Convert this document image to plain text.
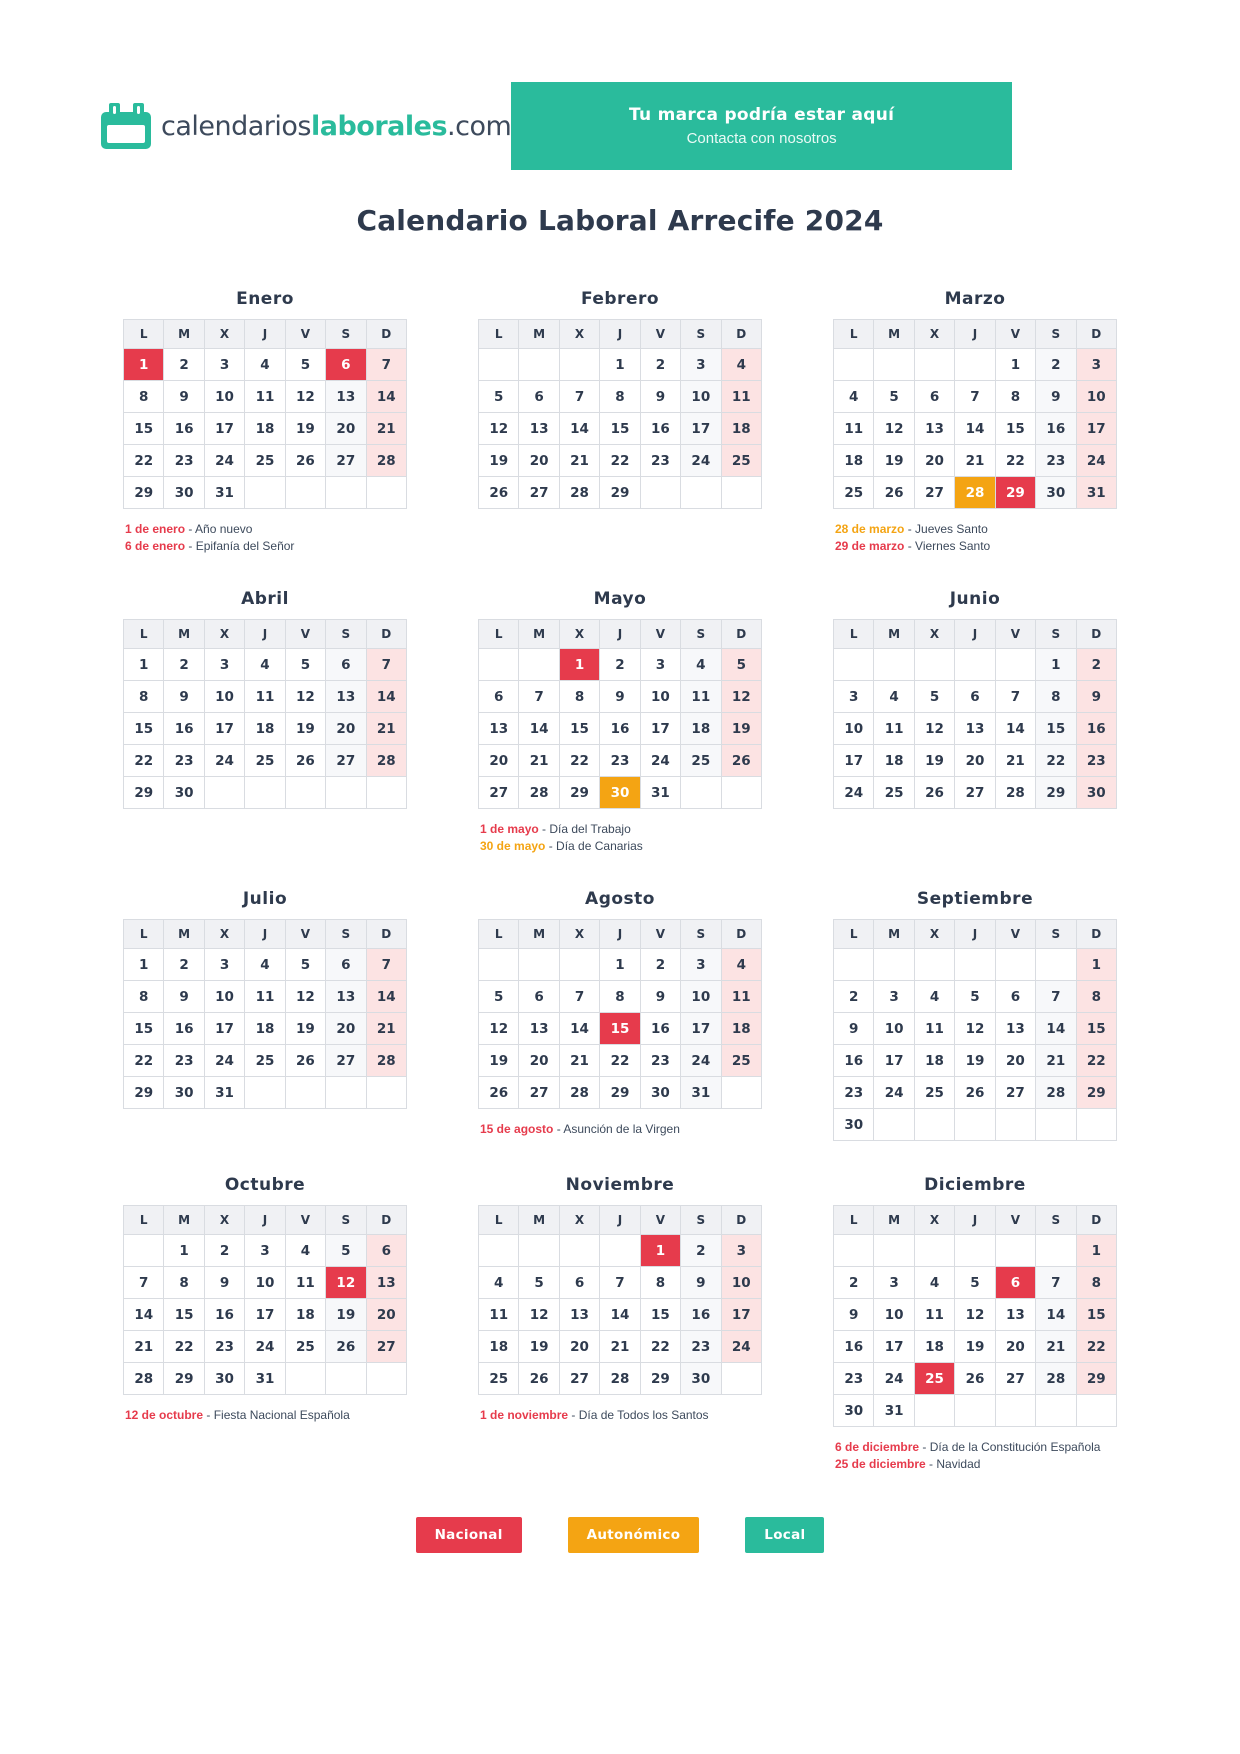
calendarioslaborales.com	Tu marca podría estar aquí
Contacta con nosotros
Calendario Laboral Arrecife 2024
Enero
L	M	X	J	V	S	D
1	2	3	4	5	6	7
8	9	10	11	12	13	14
15	16	17	18	19	20	21
22	23	24	25	26	27	28
29	30	31				
1 de enero - Año nuevo
6 de enero - Epifanía del Señor
Febrero
L	M	X	J	V	S	D
			1	2	3	4
5	6	7	8	9	10	11
12	13	14	15	16	17	18
19	20	21	22	23	24	25
26	27	28	29			
Marzo
L	M	X	J	V	S	D
				1	2	3
4	5	6	7	8	9	10
11	12	13	14	15	16	17
18	19	20	21	22	23	24
25	26	27	28	29	30	31
28 de marzo - Jueves Santo
29 de marzo - Viernes Santo
Abril
L	M	X	J	V	S	D
1	2	3	4	5	6	7
8	9	10	11	12	13	14
15	16	17	18	19	20	21
22	23	24	25	26	27	28
29	30					
Mayo
L	M	X	J	V	S	D
		1	2	3	4	5
6	7	8	9	10	11	12
13	14	15	16	17	18	19
20	21	22	23	24	25	26
27	28	29	30	31		
1 de mayo - Día del Trabajo
30 de mayo - Día de Canarias
Junio
L	M	X	J	V	S	D
					1	2
3	4	5	6	7	8	9
10	11	12	13	14	15	16
17	18	19	20	21	22	23
24	25	26	27	28	29	30
Julio
L	M	X	J	V	S	D
1	2	3	4	5	6	7
8	9	10	11	12	13	14
15	16	17	18	19	20	21
22	23	24	25	26	27	28
29	30	31				
Agosto
L	M	X	J	V	S	D
			1	2	3	4
5	6	7	8	9	10	11
12	13	14	15	16	17	18
19	20	21	22	23	24	25
26	27	28	29	30	31	
15 de agosto - Asunción de la Virgen
Septiembre
L	M	X	J	V	S	D
						1
2	3	4	5	6	7	8
9	10	11	12	13	14	15
16	17	18	19	20	21	22
23	24	25	26	27	28	29
30						
Octubre
L	M	X	J	V	S	D
	1	2	3	4	5	6
7	8	9	10	11	12	13
14	15	16	17	18	19	20
21	22	23	24	25	26	27
28	29	30	31			
12 de octubre - Fiesta Nacional Española
Noviembre
L	M	X	J	V	S	D
				1	2	3
4	5	6	7	8	9	10
11	12	13	14	15	16	17
18	19	20	21	22	23	24
25	26	27	28	29	30	
1 de noviembre - Día de Todos los Santos
Diciembre
L	M	X	J	V	S	D
						1
2	3	4	5	6	7	8
9	10	11	12	13	14	15
16	17	18	19	20	21	22
23	24	25	26	27	28	29
30	31					
6 de diciembre - Día de la Constitución Española
25 de diciembre - Navidad
Nacional	Autonómico	Local
